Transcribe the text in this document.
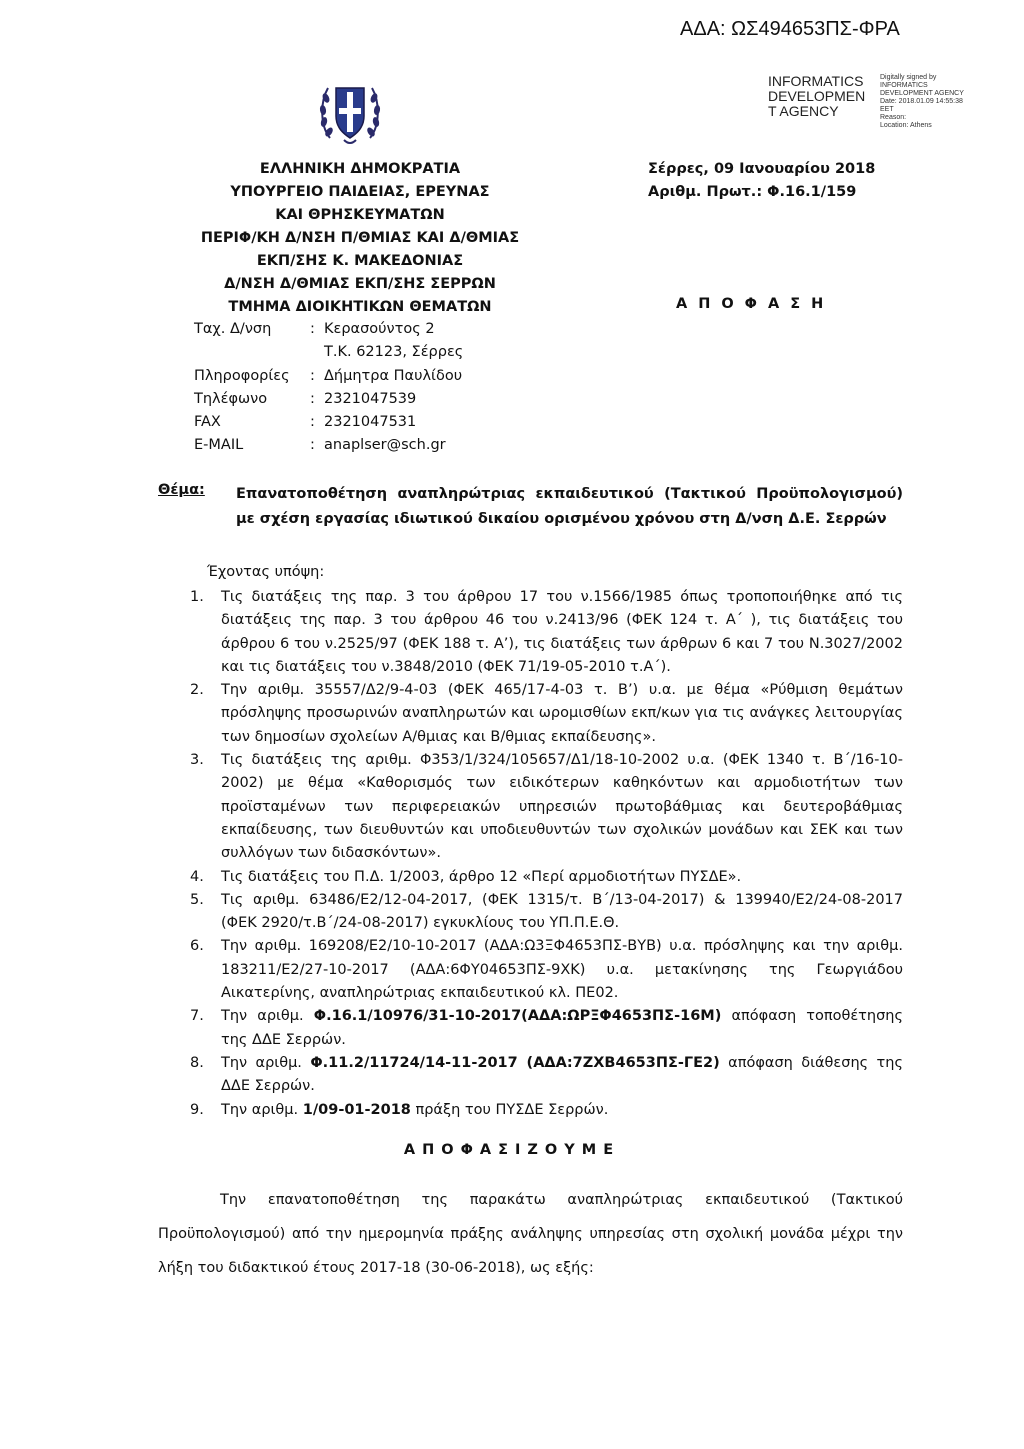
ΑΔΑ: ΩΣ494653ΠΣ-ΦΡΑ
INFORMATICS
DEVELOPMEN
T AGENCY
Digitally signed by
INFORMATICS
DEVELOPMENT AGENCY
Date: 2018.01.09 14:55:38
EET
Reason:
Location: Athens
ΕΛΛΗΝΙΚΗ ΔΗΜΟΚΡΑΤΙΑ
ΥΠΟΥΡΓΕΙΟ ΠΑΙΔΕΙΑΣ, ΕΡΕΥΝΑΣ
ΚΑΙ ΘΡΗΣΚΕΥΜΑΤΩΝ
ΠΕΡΙΦ/ΚΗ Δ/ΝΣΗ Π/ΘΜΙΑΣ ΚΑΙ Δ/ΘΜΙΑΣ
ΕΚΠ/ΣΗΣ Κ. ΜΑΚΕΔΟΝΙΑΣ
Δ/ΝΣΗ Δ/ΘΜΙΑΣ ΕΚΠ/ΣΗΣ ΣΕΡΡΩΝ
ΤΜΗΜΑ ΔΙΟΙΚΗΤΙΚΩΝ ΘΕΜΑΤΩΝ
Σέρρες, 09 Ιανουαρίου 2018
Αριθμ. Πρωτ.: Φ.16.1/159
ΑΠΟΦΑΣΗ
Ταχ. Δ/νση	: Κερασούντος 2
Τ.Κ. 62123, Σέρρες
Πληροφορίες	: Δήμητρα Παυλίδου
Τηλέφωνο	: 2321047539
FAX	: 2321047531
E-MAIL	: anaplser@sch.gr
Θέμα: Επανατοποθέτηση αναπληρώτριας εκπαιδευτικού (Τακτικού Προϋπολογισμού) με σχέση εργασίας ιδιωτικού δικαίου ορισμένου χρόνου στη Δ/νση Δ.Ε. Σερρών
Έχοντας υπόψη:
1.	Τις διατάξεις της παρ. 3 του άρθρου 17 του ν.1566/1985 όπως τροποποιήθηκε από τις διατάξεις της παρ. 3 του άρθρου 46 του ν.2413/96 (ΦΕΚ 124 τ. Α΄ ), τις διατάξεις του άρθρου 6 του ν.2525/97 (ΦΕΚ 188 τ. Α’), τις διατάξεις των άρθρων 6 και 7 του Ν.3027/2002 και τις διατάξεις του ν.3848/2010 (ΦΕΚ 71/19-05-2010 τ.Α΄).
2.	Την αριθμ. 35557/Δ2/9-4-03 (ΦΕΚ 465/17-4-03 τ. Β’) υ.α. με θέμα «Ρύθμιση θεμάτων πρόσληψης προσωρινών αναπληρωτών και ωρομισθίων εκπ/κων για τις ανάγκες λειτουργίας των δημοσίων σχολείων Α/θμιας και Β/θμιας εκπαίδευσης».
3.	Τις διατάξεις της αριθμ. Φ353/1/324/105657/Δ1/18-10-2002 υ.α. (ΦΕΚ 1340 τ. Β΄/16-10-2002) με θέμα «Καθορισμός των ειδικότερων καθηκόντων και αρμοδιοτήτων των προϊσταμένων των περιφερειακών υπηρεσιών πρωτοβάθμιας και δευτεροβάθμιας εκπαίδευσης, των διευθυντών και υποδιευθυντών των σχολικών μονάδων και ΣΕΚ και των συλλόγων των διδασκόντων».
4.	Τις διατάξεις του Π.Δ. 1/2003, άρθρο 12 «Περί αρμοδιοτήτων ΠΥΣΔΕ».
5.	Τις αριθμ. 63486/Ε2/12-04-2017, (ΦΕΚ 1315/τ. Β΄/13-04-2017) & 139940/Ε2/24-08-2017 (ΦΕΚ 2920/τ.Β΄/24-08-2017) εγκυκλίους του ΥΠ.Π.Ε.Θ.
6.	Την αριθμ. 169208/Ε2/10-10-2017 (ΑΔΑ:Ω3ΞΦ4653ΠΣ-ΒΥΒ) υ.α. πρόσληψης και την αριθμ. 183211/Ε2/27-10-2017 (ΑΔΑ:6ΦΥ04653ΠΣ-9ΧΚ) υ.α. μετακίνησης της Γεωργιάδου Αικατερίνης, αναπληρώτριας εκπαιδευτικού κλ. ΠΕ02.
7.	Την αριθμ. Φ.16.1/10976/31-10-2017(ΑΔΑ:ΩΡΞΦ4653ΠΣ-16Μ) απόφαση τοποθέτησης της ΔΔΕ Σερρών.
8.	Την αριθμ. Φ.11.2/11724/14-11-2017 (ΑΔΑ:7ΖΧΒ4653ΠΣ-ΓΕ2) απόφαση διάθεσης της ΔΔΕ Σερρών.
9.	Την αριθμ. 1/09-01-2018 πράξη του ΠΥΣΔΕ Σερρών.
ΑΠΟΦΑΣΙΖΟΥΜΕ
Την επανατοποθέτηση της παρακάτω αναπληρώτριας εκπαιδευτικού (Τακτικού Προϋπολογισμού) από την ημερομηνία πράξης ανάληψης υπηρεσίας στη σχολική μονάδα μέχρι την λήξη του διδακτικού έτους 2017-18 (30-06-2018), ως εξής:
